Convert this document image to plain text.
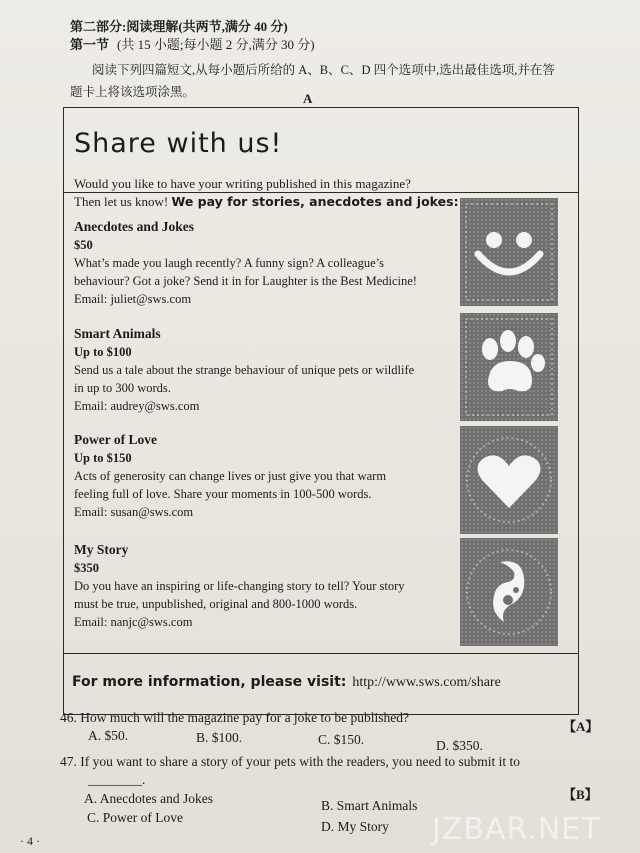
第二部分:阅读理解(共两节,满分 40 分)
第一节 (共 15 小题;每小题 2 分,满分 30 分)
阅读下列四篇短文,从每小题后所给的 A、B、C、D 四个选项中,选出最佳选项,并在答
题卡上将该选项涂黑。	A
Share with us!
Would you like to have your writing published in this magazine?
Then let us know! We pay for stories, anecdotes and jokes:
Anecdotes and Jokes
$50
What’s made you laugh recently? A funny sign? A colleague’s
behaviour? Got a joke? Send it in for Laughter is the Best Medicine!
Email: juliet@sws.com
Smart Animals
Up to $100
Send us a tale about the strange behaviour of unique pets or wildlife
in up to 300 words.
Email: audrey@sws.com
Power of Love
Up to $150
Acts of generosity can change lives or just give you that warm
feeling full of love. Share your moments in 100-500 words.
Email: susan@sws.com
My Story
$350
Do you have an inspiring or life-changing story to tell? Your story
must be true, unpublished, original and 800-1000 words.
Email: nanjc@sws.com
For more information, please visit: http://www.sws.com/share
46. How much will the magazine pay for a joke to be published?
【A】
A. $50.	B. $100.	C. $150.	D. $350.
47. If you want to share a story of your pets with the readers, you need to submit it to
________.
【B】
A. Anecdotes and Jokes	B. Smart Animals
C. Power of Love
D. My Story
· 4 ·	JZBAR.NET
